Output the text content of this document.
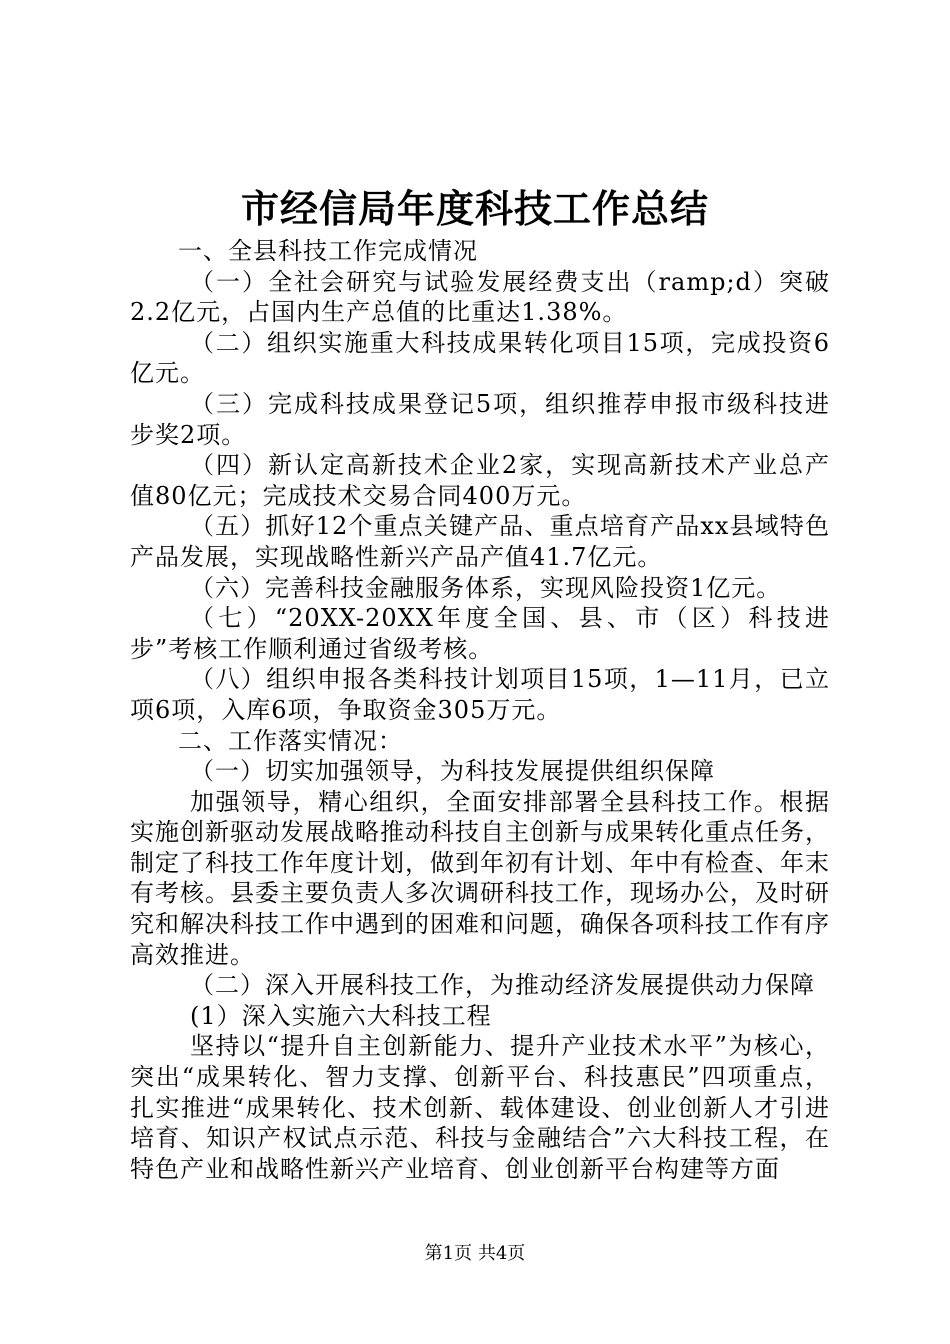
市经信局年度科技工作总结

一、全县科技工作完成情况

（一）全社会研究与试验发展经费支出（ramp;d）突破2.2亿元，占国内生产总值的比重达1.38%。

（二）组织实施重大科技成果转化项目15项，完成投资6亿元。

（三）完成科技成果登记5项，组织推荐申报市级科技进步奖2项。

（四）新认定高新技术企业2家，实现高新技术产业总产值80亿元；完成技术交易合同400万元。

（五）抓好12个重点关键产品、重点培育产品xx县域特色产品发展，实现战略性新兴产品产值41.7亿元。

（六）完善科技金融服务体系，实现风险投资1亿元。

（七）“20XX-20XX年度全国、县、市（区）科技进步”考核工作顺利通过省级考核。

（八）组织申报各类科技计划项目15项，1—11月，已立项6项，入库6项，争取资金305万元。

二、工作落实情况：

（一）切实加强领导，为科技发展提供组织保障

加强领导，精心组织，全面安排部署全县科技工作。根据实施创新驱动发展战略推动科技自主创新与成果转化重点任务，制定了科技工作年度计划，做到年初有计划、年中有检查、年末有考核。县委主要负责人多次调研科技工作，现场办公，及时研究和解决科技工作中遇到的困难和问题，确保各项科技工作有序高效推进。

（二）深入开展科技工作，为推动经济发展提供动力保障

(1）深入实施六大科技工程

坚持以“提升自主创新能力、提升产业技术水平”为核心，突出“成果转化、智力支撑、创新平台、科技惠民”四项重点，扎实推进“成果转化、技术创新、载体建设、创业创新人才引进培育、知识产权试点示范、科技与金融结合”六大科技工程，在特色产业和战略性新兴产业培育、创业创新平台构建等方面

第1页 共4页
